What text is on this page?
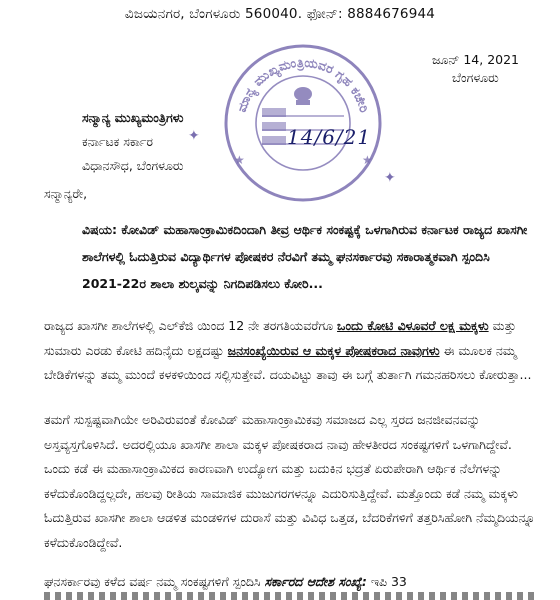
ವಿಜಯನಗರ, ಬೆಂಗಳೂರು 560040. ಫೋನ್: 8884676944
ಜೂನ್ 14, 2021
ಬೆಂಗಳೂರು
ಮಾನ್ಯ ಮುಖ್ಯಮಂತ್ರಿಯವರ ಗೃಹ ಕಚೇರಿ
★	★
14/6/21
✦
✦
ಸನ್ಮಾನ್ಯ ಮುಖ್ಯಮಂತ್ರಿಗಳು
ಕರ್ನಾಟಕ ಸರ್ಕಾರ
ವಿಧಾನಸೌಧ, ಬೆಂಗಳೂರು
ಸನ್ಮಾನ್ಯರೇ,
ವಿಷಯ: ಕೋವಿಡ್ ಮಹಾಸಾಂಕ್ರಾಮಿಕದಿಂದಾಗಿ ತೀವ್ರ ಆರ್ಥಿಕ ಸಂಕಷ್ಟಕ್ಕೆ ಒಳಗಾಗಿರುವ ಕರ್ನಾಟಕ ರಾಜ್ಯದ ಖಾಸಗೀ ಶಾಲೆಗಳಲ್ಲಿ ಓದುತ್ತಿರುವ ವಿದ್ಯಾರ್ಥಿಗಳ ಪೋಷಕರ ನೆರವಿಗೆ ತಮ್ಮ ಘನಸರ್ಕಾರವು ಸಕಾರಾತ್ಮಕವಾಗಿ ಸ್ಪಂದಿಸಿ 2021-22ರ ಶಾಲಾ ಶುಲ್ಕವನ್ನು ನಿಗದಿಪಡಿಸಲು ಕೋರಿ...
ರಾಜ್ಯದ ಖಾಸಗೀ ಶಾಲೆಗಳಲ್ಲಿ ಎಲ್‌ಕೆಜಿ ಯಿಂದ 12 ನೇ ತರಗತಿಯವರೆಗೂ ಒಂದು ಕೋಟಿ ವಿಳೂವರೆ ಲಕ್ಷ ಮಕ್ಕಳು ಮತ್ತು ಸುಮಾರು ಎರಡು ಕೋಟಿ ಹದಿನೈದು ಲಕ್ಷದಷ್ಟು ಜನಸಂಖ್ಯೆಯಿರುವ ಆ ಮಕ್ಕಳ ಪೋಷಕರಾದ ನಾವುಗಳು ಈ ಮೂಲಕ ನಮ್ಮ ಬೇಡಿಕೆಗಳನ್ನು ತಮ್ಮ ಮುಂದೆ ಕಳಕಳಿಯಿಂದ ಸಲ್ಲಿಸುತ್ತೇವೆ. ದಯವಿಟ್ಟು ತಾವು ಈ ಬಗ್ಗೆ ತುರ್ತಾಗಿ ಗಮನಹರಿಸಲು ಕೋರುತ್ತಾ...
ತಮಗೆ ಸುಸ್ಪಷ್ಟವಾಗಿಯೇ ಅರಿವಿರುವಂತೆ ಕೋವಿಡ್ ಮಹಾಸಾಂಕ್ರಾಮಿಕವು ಸಮಾಜದ ಎಲ್ಲ ಸ್ತರದ ಜನಜೀವನವನ್ನು ಅಸ್ತವ್ಯಸ್ತಗೊಳಿಸಿದೆ. ಅದರಲ್ಲಿಯೂ ಖಾಸಗೀ ಶಾಲಾ ಮಕ್ಕಳ ಪೋಷಕರಾದ ನಾವು ಹೇಳತೀರದ ಸಂಕಷ್ಟಗಳಿಗೆ ಒಳಗಾಗಿದ್ದೇವೆ. ಒಂದು ಕಡೆ ಈ ಮಹಾಸಾಂಕ್ರಾಮಿಕದ ಕಾರಣವಾಗಿ ಉದ್ಯೋಗ ಮತ್ತು ಬದುಕಿನ ಭದ್ರತೆ ಏರುಪೇರಾಗಿ ಆರ್ಥಿಕ ನೆಲೆಗಳನ್ನು ಕಳೆದುಕೊಂಡಿದ್ದಲ್ಲದೇ, ಹಲವು ರೀತಿಯ ಸಾಮಾಜಿಕ ಮುಜುಗರಗಳನ್ನೂ ಎದುರಿಸುತ್ತಿದ್ದೇವೆ. ಮತ್ತೊಂದು ಕಡೆ ನಮ್ಮ ಮಕ್ಕಳು ಓದುತ್ತಿರುವ ಖಾಸಗೀ ಶಾಲಾ ಆಡಳಿತ ಮಂಡಳಿಗಳ ದುರಾಸೆ ಮತ್ತು ವಿವಿಧ ಒತ್ತಡ, ಬೆದರಿಕೆಗಳಿಗೆ ತತ್ತರಿಸಿಹೋಗಿ ನೆಮ್ಮದಿಯನ್ನೂ ಕಳೆದುಕೊಂಡಿದ್ದೇವೆ.
ಘನಸರ್ಕಾರವು ಕಳೆದ ವರ್ಷ ನಮ್ಮ ಸಂಕಷ್ಟಗಳಿಗೆ ಸ್ಪಂದಿಸಿ ಸರ್ಕಾರದ ಆದೇಶ ಸಂಖ್ಯೆ: ಇಪಿ 33
